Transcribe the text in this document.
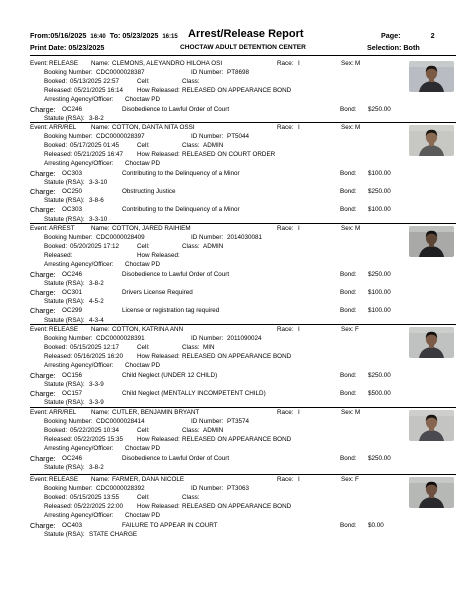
From:05/16/2025 16:40 To: 05/23/2025 16:15 Arrest/Release Report	Page:	2
Print Date: 05/23/2025	CHOCTAW ADULT DETENTION CENTER	Selection: Both
Event: RELEASE Name: CLEMONS, ALEYANDRO HILOHA OSI	Race: I	Sex: M
Booking Number: CDC0000028387	ID Number: PT8698
Booked: 05/13/2025 22:57	Cell:	Class:
Released: 05/21/2025 16:14 How Released: RELEASED ON APPEARANCE BOND
Arresting Agency/Officer: Choctaw PD
Charge: OC246	Disobedience to Lawful Order of Court	Bond: $250.00
Statute (RSA): 3-8-2
Event: ARR/REL Name: COTTON, DANTA NITA OSSI	Race: I	Sex: M
Booking Number: CDC0000028397	ID Number: PT5044
Booked: 05/17/2025 01:45	Cell:	Class: ADMIN
Released: 05/21/2025 16:47 How Released: RELEASED ON COURT ORDER
Arresting Agency/Officer: Choctaw PD
Charge: OC303	Contributing to the Delinquency of a Minor	Bond: $100.00
Statute (RSA): 3-3-10
Charge: OC250	Obstructing Justice	Bond: $250.00
Statute (RSA): 3-8-6
Charge: OC303	Contributing to the Delinquency of a Minor	Bond: $100.00
Statute (RSA): 3-3-10
Event: ARREST	Name: COTTON, JARED RAIHIEM	Race: I	Sex: M
Booking Number: CDC0000028409	ID Number: 2014030081
Booked: 05/20/2025 17:12	Cell:	Class: ADMIN
Released:	How Released:
Arresting Agency/Officer: Choctaw PD
Charge: OC246	Disobedience to Lawful Order of Court	Bond: $250.00
Statute (RSA): 3-8-2
Charge: OC301	Drivers License Required	Bond: $100.00
Statute (RSA): 4-5-2
Charge: OC299	License or registration tag required	Bond: $100.00
Statute (RSA): 4-3-4
Event: RELEASE Name: COTTON, KATRINA ANN	Race: I	Sex: F
Booking Number: CDC0000028391	ID Number: 2011090024
Booked: 05/15/2025 12:17	Cell:	Class: MIN
Released: 05/16/2025 16:20 How Released: RELEASED ON APPEARANCE BOND
Arresting Agency/Officer: Choctaw PD
Charge: OC156	Child Neglect (UNDER 12 CHILD)	Bond: $250.00
Statute (RSA): 3-3-9
Charge: OC157	Child Neglect (MENTALLY INCOMPETENT CHILD)	Bond: $500.00
Statute (RSA): 3-3-9
Event: ARR/REL Name: CUTLER, BENJAMIN BRYANT	Race: I	Sex: M
Booking Number: CDC0000028414	ID Number: PT3574
Booked: 05/22/2025 10:34	Cell:	Class: ADMIN
Released: 05/22/2025 15:35 How Released: RELEASED ON APPEARANCE BOND
Arresting Agency/Officer: Choctaw PD
Charge: OC246	Disobedience to Lawful Order of Court	Bond: $250.00
Statute (RSA): 3-8-2
Event: RELEASE Name: FARMER, DANA NICOLE	Race: I	Sex: F
Booking Number: CDC0000028392	ID Number: PT3063
Booked: 05/15/2025 13:55	Cell:	Class:
Released: 05/22/2025 22:00 How Released: RELEASED ON APPEARANCE BOND
Arresting Agency/Officer: Choctaw PD
Charge: OC403	FAILURE TO APPEAR IN COURT	Bond: $0.00
Statute (RSA): STATE CHARGE
